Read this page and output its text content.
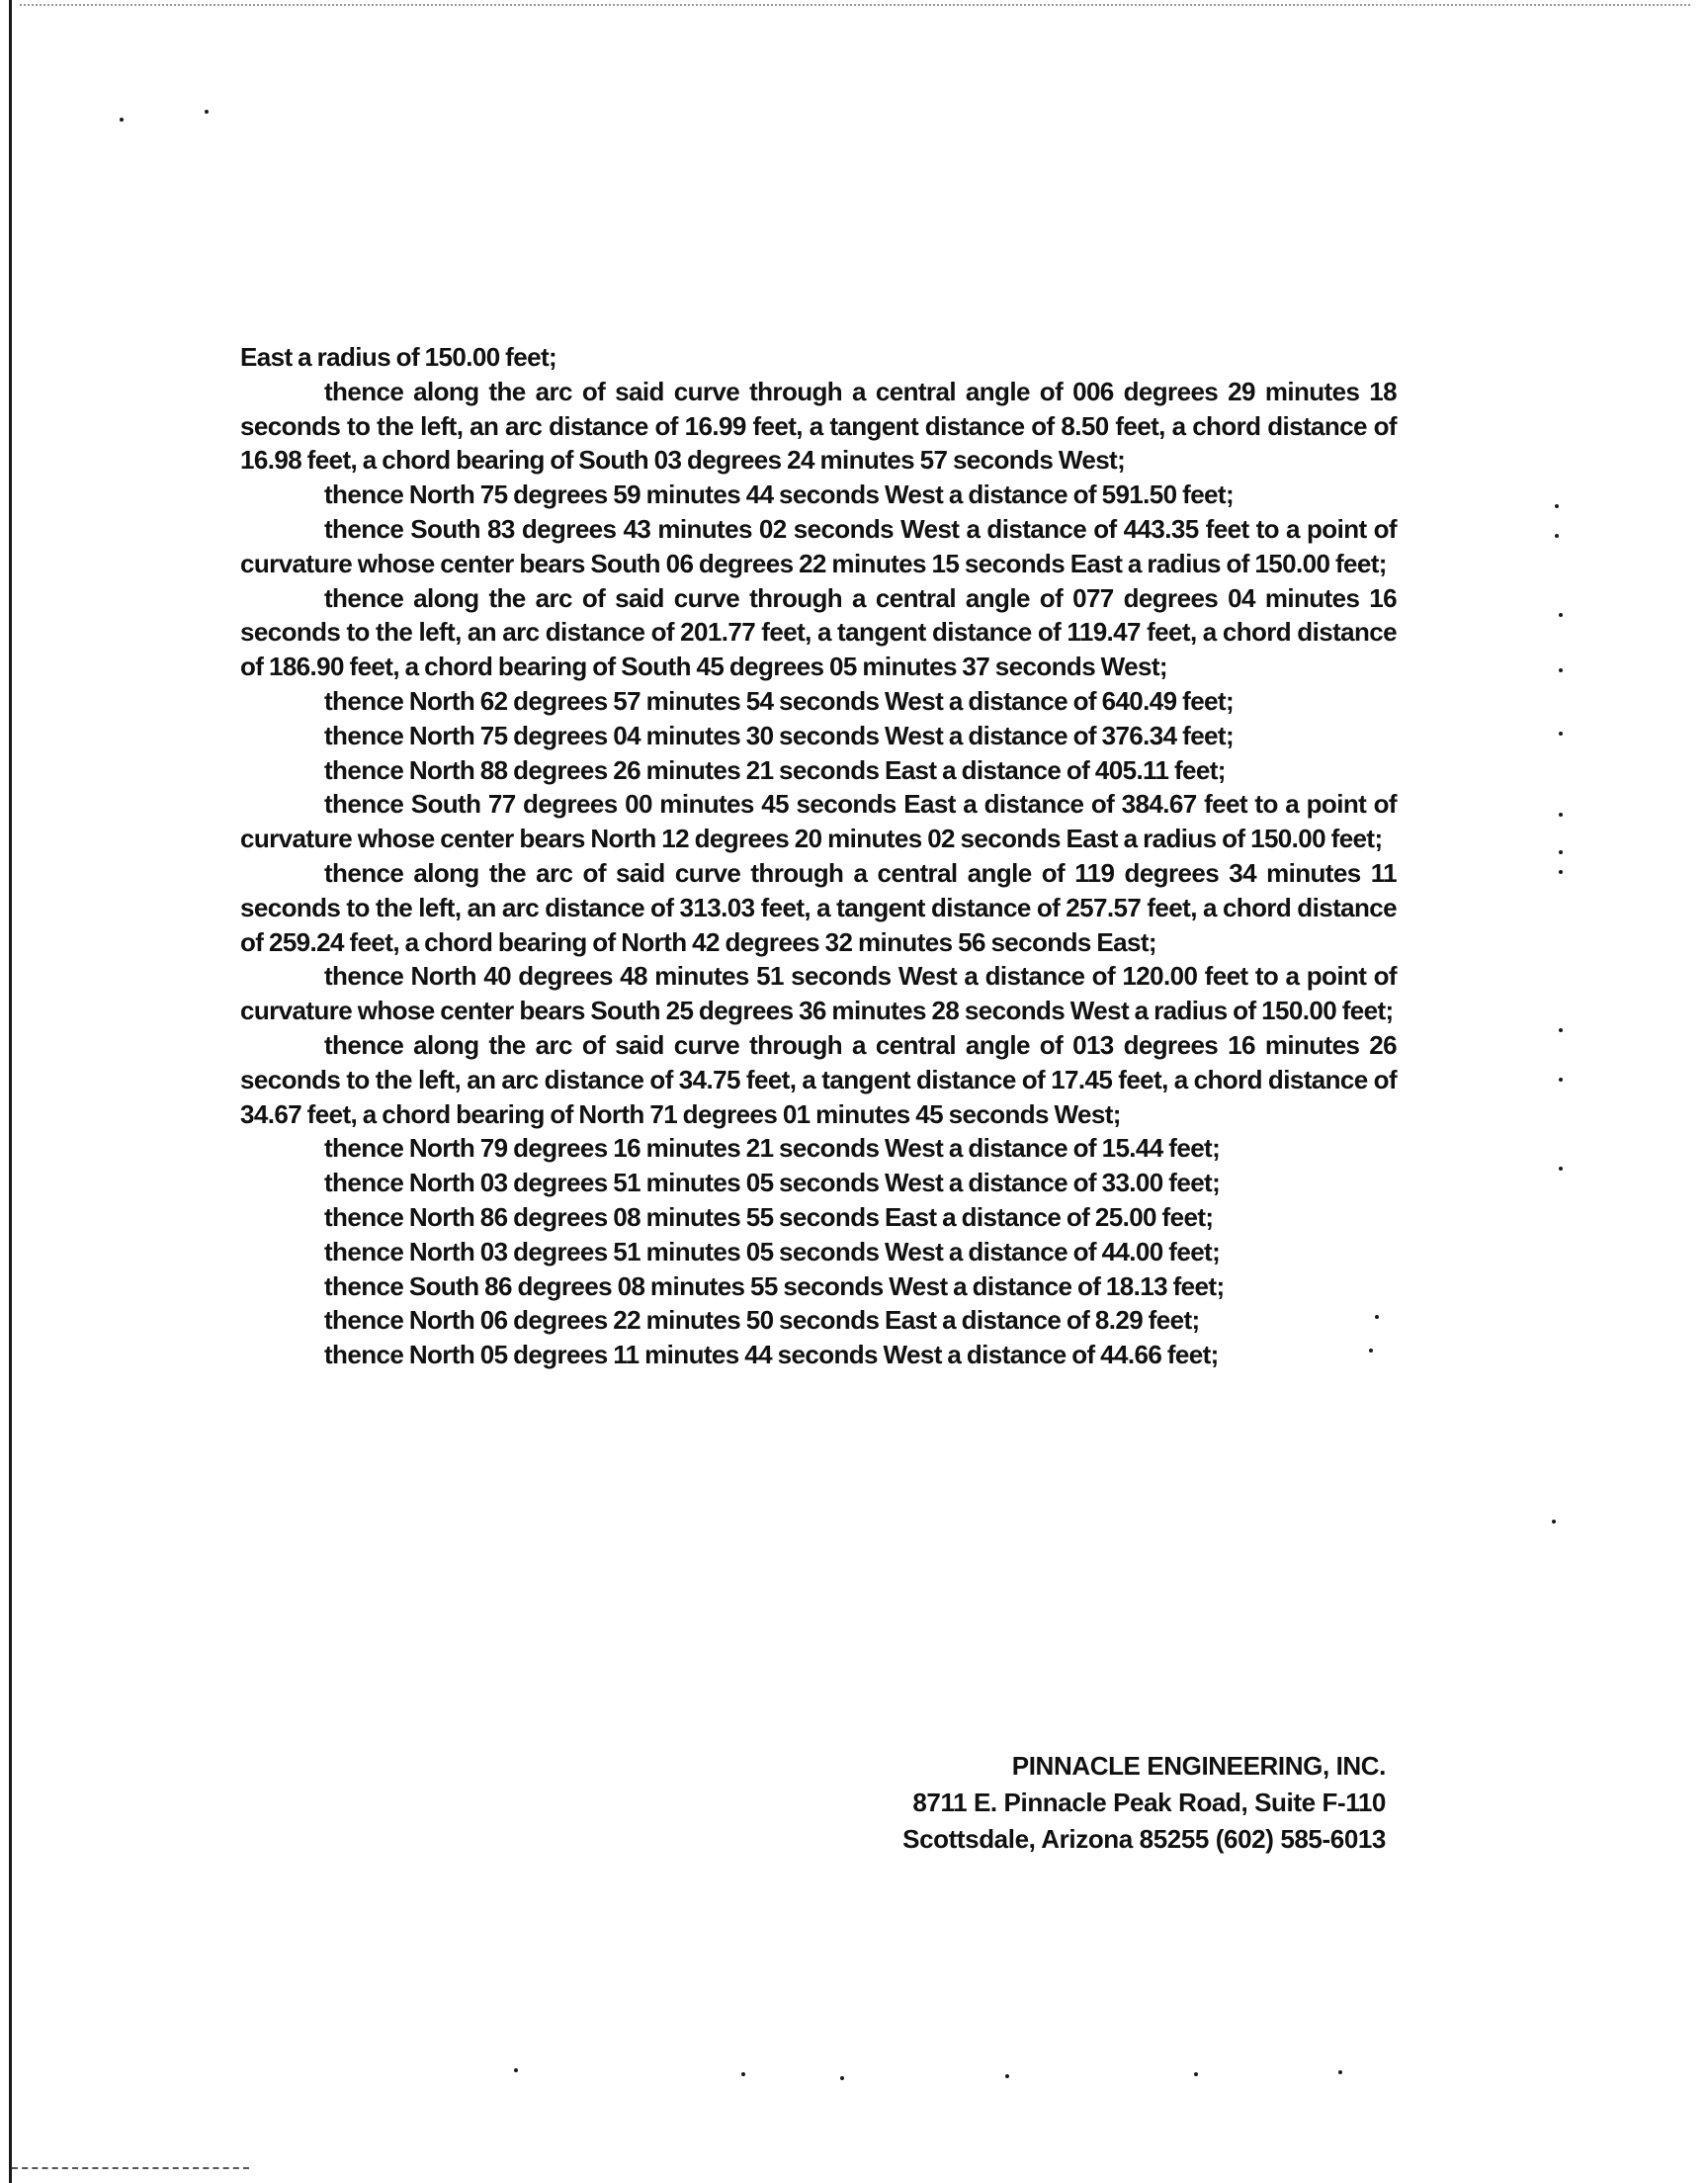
East a radius of 150.00 feet;

thence along the arc of said curve through a central angle of 006 degrees 29 minutes 18 seconds to the left, an arc distance of 16.99 feet, a tangent distance of 8.50 feet, a chord distance of 16.98 feet, a chord bearing of South 03 degrees 24 minutes 57 seconds West;

thence North 75 degrees 59 minutes 44 seconds West a distance of 591.50 feet;

thence South 83 degrees 43 minutes 02 seconds West a distance of 443.35 feet to a point of curvature whose center bears South 06 degrees 22 minutes 15 seconds East a radius of 150.00 feet;

thence along the arc of said curve through a central angle of 077 degrees 04 minutes 16 seconds to the left, an arc distance of 201.77 feet, a tangent distance of 119.47 feet, a chord distance of 186.90 feet, a chord bearing of South 45 degrees 05 minutes 37 seconds West;

thence North 62 degrees 57 minutes 54 seconds West a distance of 640.49 feet;

thence North 75 degrees 04 minutes 30 seconds West a distance of 376.34 feet;

thence North 88 degrees 26 minutes 21 seconds East a distance of 405.11 feet;

thence South 77 degrees 00 minutes 45 seconds East a distance of 384.67 feet to a point of curvature whose center bears North 12 degrees 20 minutes 02 seconds East a radius of 150.00 feet;

thence along the arc of said curve through a central angle of 119 degrees 34 minutes 11 seconds to the left, an arc distance of 313.03 feet, a tangent distance of 257.57 feet, a chord distance of 259.24 feet, a chord bearing of North 42 degrees 32 minutes 56 seconds East;

thence North 40 degrees 48 minutes 51 seconds West a distance of 120.00 feet to a point of curvature whose center bears South 25 degrees 36 minutes 28 seconds West a radius of 150.00 feet;

thence along the arc of said curve through a central angle of 013 degrees 16 minutes 26 seconds to the left, an arc distance of 34.75 feet, a tangent distance of 17.45 feet, a chord distance of 34.67 feet, a chord bearing of North 71 degrees 01 minutes 45 seconds West;

thence North 79 degrees 16 minutes 21 seconds West a distance of 15.44 feet;

thence North 03 degrees 51 minutes 05 seconds West a distance of 33.00 feet;

thence North 86 degrees 08 minutes 55 seconds East a distance of 25.00 feet;

thence North 03 degrees 51 minutes 05 seconds West a distance of 44.00 feet;

thence South 86 degrees 08 minutes 55 seconds West a distance of 18.13 feet;

thence North 06 degrees 22 minutes 50 seconds East a distance of 8.29 feet;

thence North 05 degrees 11 minutes 44 seconds West a distance of 44.66 feet;

PINNACLE ENGINEERING, INC.
8711 E. Pinnacle Peak Road, Suite F-110
Scottsdale, Arizona 85255 (602) 585-6013
